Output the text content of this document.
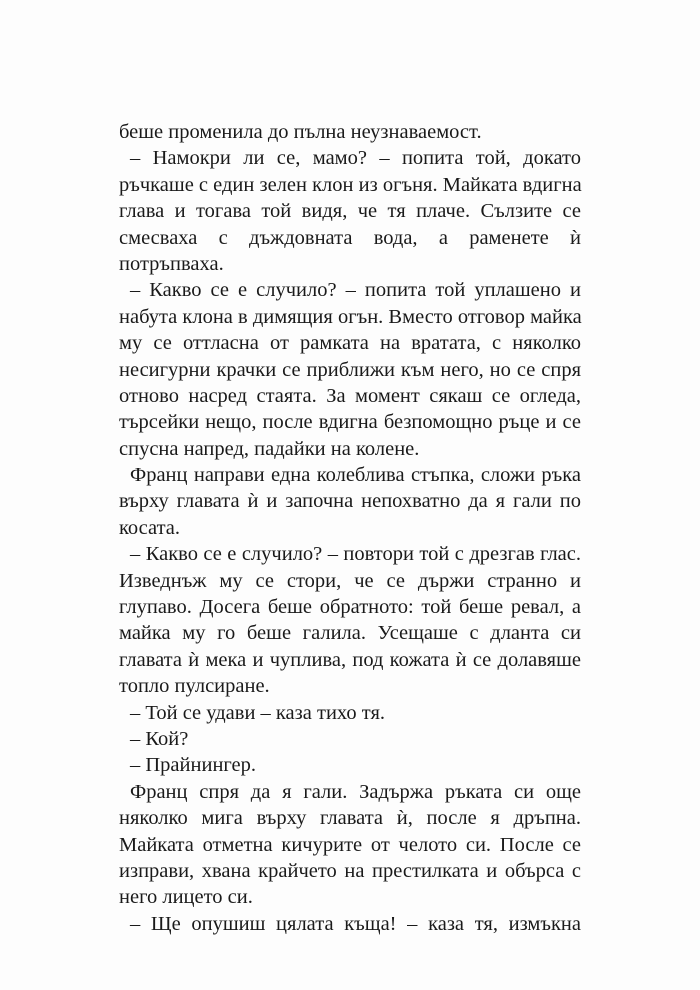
беше променила до пълна неузнаваемост.
– Намокри ли се, мамо? – попита той, докато
ръчкаше с един зелен клон из огъня. Майката вдигна
глава и тогава той видя, че тя плаче. Сълзите се
смесваха с дъждовната вода, а раменете ѝ
потръпваха.
– Какво се е случило? – попита той уплашено и
набута клона в димящия огън. Вместо отговор майка
му се оттласна от рамката на вратата, с няколко
несигурни крачки се приближи към него, но се спря
отново насред стаята. За момент сякаш се огледа,
търсейки нещо, после вдигна безпомощно ръце и се
спусна напред, падайки на колене.
Франц направи една колеблива стъпка, сложи ръка
върху главата ѝ и започна непохватно да я гали по
косата.
– Какво се е случило? – повтори той с дрезгав глас.
Изведнъж му се стори, че се държи странно и
глупаво. Досега беше обратното: той беше ревал, а
майка му го беше галила. Усещаше с дланта си
главата ѝ мека и чуплива, под кожата ѝ се долавяше
топло пулсиране.
– Той се удави – каза тихо тя.
– Кой?
– Прайнингер.
Франц спря да я гали. Задържа ръката си още
няколко мига върху главата ѝ, после я дръпна.
Майката отметна кичурите от челото си. После се
изправи, хвана крайчето на престилката и обърса с
него лицето си.
– Ще опушиш цялата къща! – каза тя, измъкна
